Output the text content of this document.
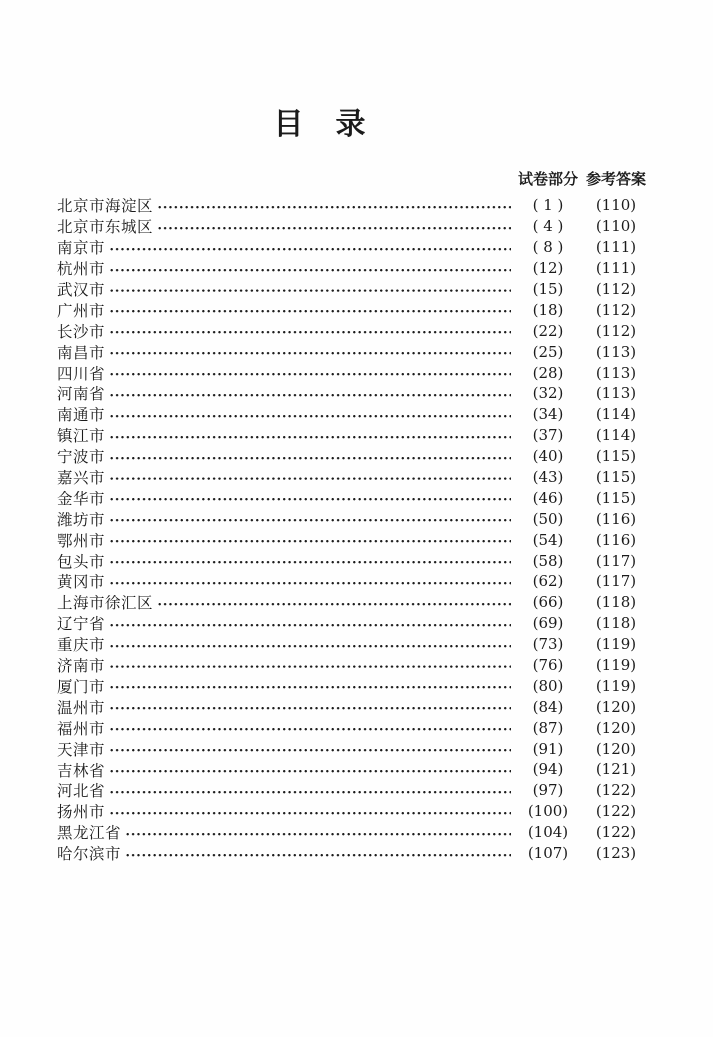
目　录
试卷部分 参考答案
北京市海淀区	( 1 )	(110)
北京市东城区	( 4 )	(110)
南京市	( 8 )	(111)
杭州市	(12)	(111)
武汉市	(15)	(112)
广州市	(18)	(112)
长沙市	(22)	(112)
南昌市	(25)	(113)
四川省	(28)	(113)
河南省	(32)	(113)
南通市	(34)	(114)
镇江市	(37)	(114)
宁波市	(40)	(115)
嘉兴市	(43)	(115)
金华市	(46)	(115)
潍坊市	(50)	(116)
鄂州市	(54)	(116)
包头市	(58)	(117)
黄冈市	(62)	(117)
上海市徐汇区	(66)	(118)
辽宁省	(69)	(118)
重庆市	(73)	(119)
济南市	(76)	(119)
厦门市	(80)	(119)
温州市	(84)	(120)
福州市	(87)	(120)
天津市	(91)	(120)
吉林省	(94)	(121)
河北省	(97)	(122)
扬州市	(100)	(122)
黑龙江省	(104)	(122)
哈尔滨市	(107)	(123)
